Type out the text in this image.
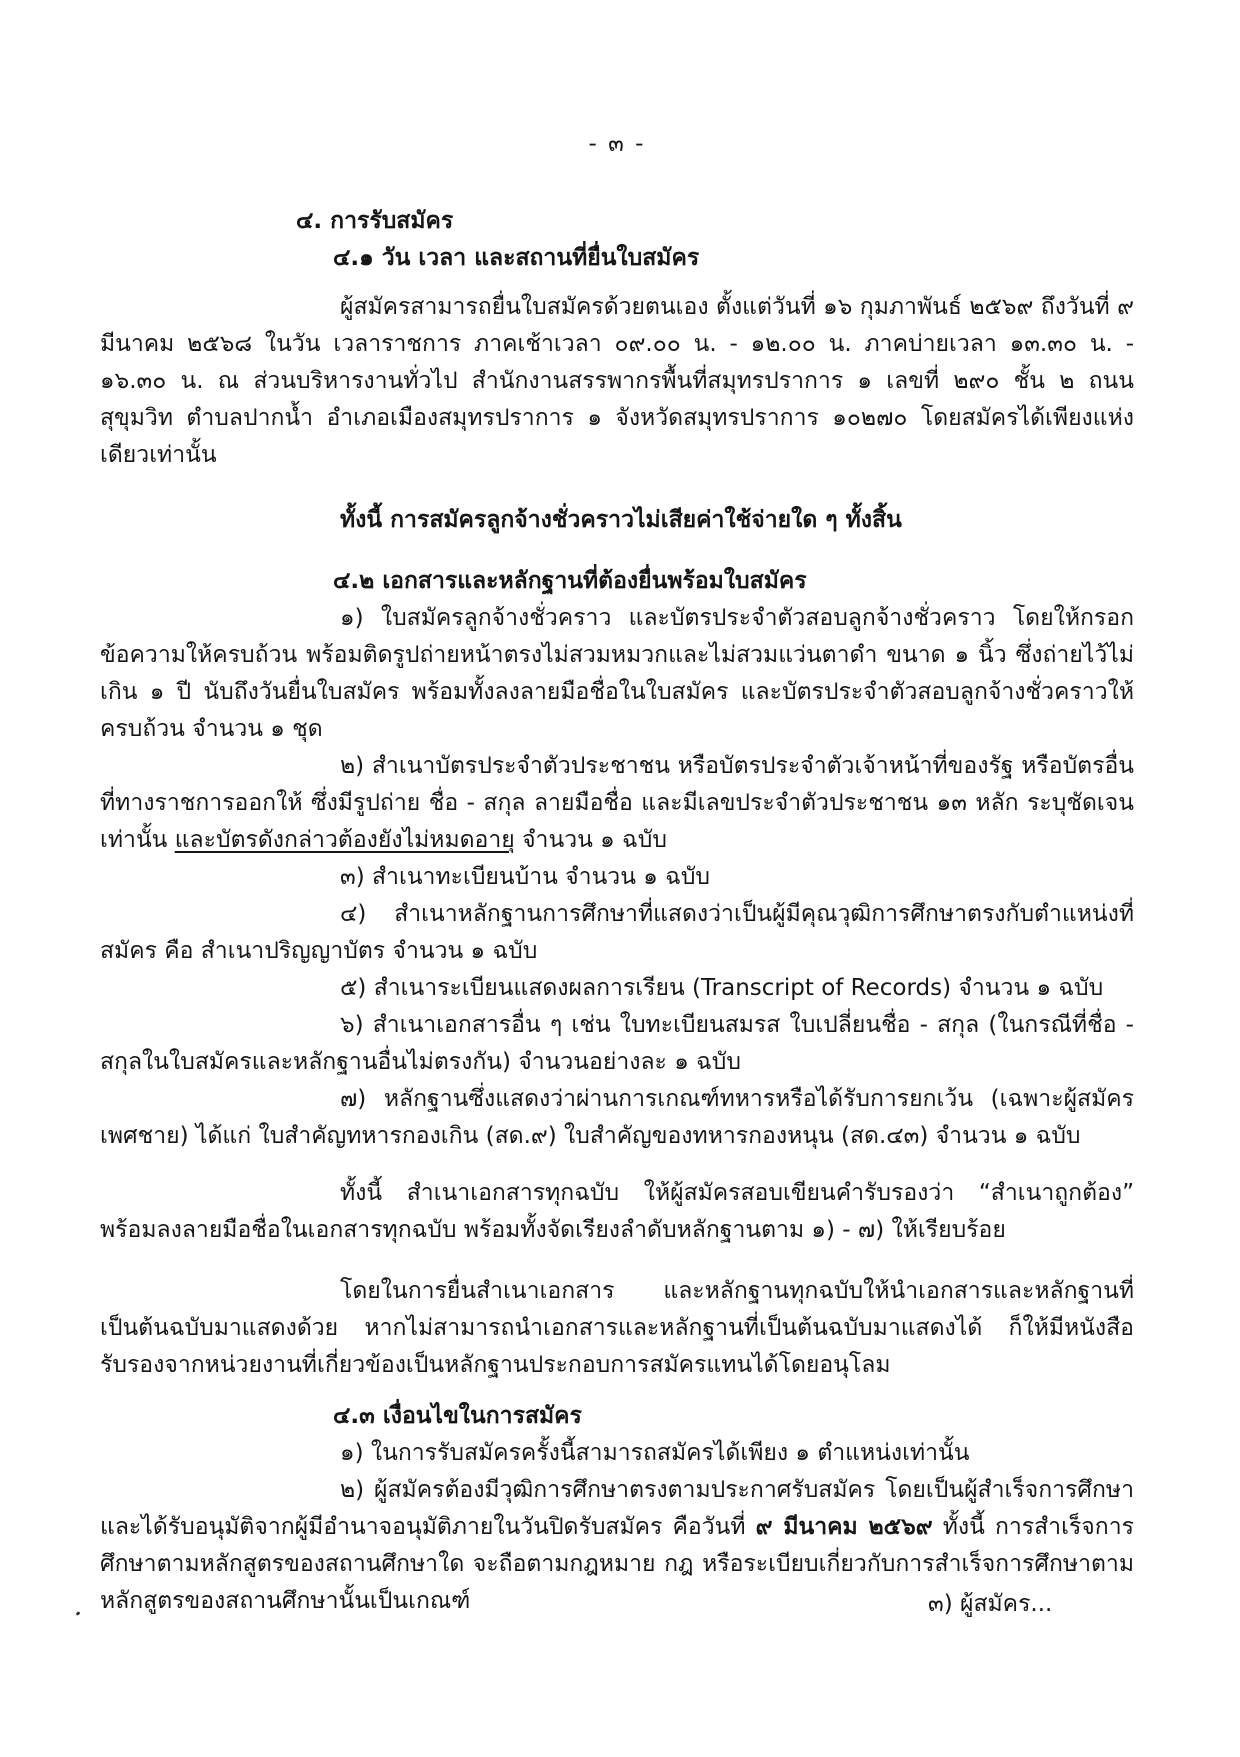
- ๓ -
๔. การรับสมัคร
๔.๑ วัน เวลา และสถานที่ยื่นใบสมัคร

ผู้สมัครสามารถยื่นใบสมัครด้วยตนเอง ตั้งแต่วันที่ ๑๖ กุมภาพันธ์ ๒๕๖๙ ถึงวันที่ ๙ มีนาคม ๒๕๖๘ ในวัน เวลาราชการ ภาคเช้าเวลา ๐๙.๐๐ น. - ๑๒.๐๐ น. ภาคบ่ายเวลา ๑๓.๓๐ น. - ๑๖.๓๐ น. ณ ส่วนบริหารงานทั่วไป สำนักงานสรรพากรพื้นที่สมุทรปราการ ๑ เลขที่ ๒๙๐ ชั้น ๒ ถนนสุขุมวิท ตำบลปากน้ำ อำเภอเมืองสมุทรปราการ ๑ จังหวัดสมุทรปราการ ๑๐๒๗๐ โดยสมัครได้เพียงแห่งเดียวเท่านั้น

ทั้งนี้ การสมัครลูกจ้างชั่วคราวไม่เสียค่าใช้จ่ายใด ๆ ทั้งสิ้น

๔.๒ เอกสารและหลักฐานที่ต้องยื่นพร้อมใบสมัคร

๑) ใบสมัครลูกจ้างชั่วคราว และบัตรประจำตัวสอบลูกจ้างชั่วคราว โดยให้กรอกข้อความให้ครบถ้วน พร้อมติดรูปถ่ายหน้าตรงไม่สวมหมวกและไม่สวมแว่นตาดำ ขนาด ๑ นิ้ว ซึ่งถ่ายไว้ไม่เกิน ๑ ปี นับถึงวันยื่นใบสมัคร พร้อมทั้งลงลายมือชื่อในใบสมัคร และบัตรประจำตัวสอบลูกจ้างชั่วคราวให้ครบถ้วน จำนวน ๑ ชุด

๒) สำเนาบัตรประจำตัวประชาชน หรือบัตรประจำตัวเจ้าหน้าที่ของรัฐ หรือบัตรอื่นที่ทางราชการออกให้ ซึ่งมีรูปถ่าย ชื่อ - สกุล ลายมือชื่อ และมีเลขประจำตัวประชาชน ๑๓ หลัก ระบุชัดเจนเท่านั้น และบัตรดังกล่าวต้องยังไม่หมดอายุ จำนวน ๑ ฉบับ

๓) สำเนาทะเบียนบ้าน จำนวน ๑ ฉบับ

๔) สำเนาหลักฐานการศึกษาที่แสดงว่าเป็นผู้มีคุณวุฒิการศึกษาตรงกับตำแหน่งที่สมัคร คือ สำเนาปริญญาบัตร จำนวน ๑ ฉบับ

๕) สำเนาระเบียนแสดงผลการเรียน (Transcript of Records) จำนวน ๑ ฉบับ

๖) สำเนาเอกสารอื่น ๆ เช่น ใบทะเบียนสมรส ใบเปลี่ยนชื่อ - สกุล (ในกรณีที่ชื่อ - สกุลในใบสมัครและหลักฐานอื่นไม่ตรงกัน) จำนวนอย่างละ ๑ ฉบับ

๗) หลักฐานซึ่งแสดงว่าผ่านการเกณฑ์ทหารหรือได้รับการยกเว้น (เฉพาะผู้สมัครเพศชาย) ได้แก่ ใบสำคัญทหารกองเกิน (สด.๙) ใบสำคัญของทหารกองหนุน (สด.๔๓) จำนวน ๑ ฉบับ

ทั้งนี้ สำเนาเอกสารทุกฉบับ ให้ผู้สมัครสอบเขียนคำรับรองว่า “สำเนาถูกต้อง” พร้อมลงลายมือชื่อในเอกสารทุกฉบับ พร้อมทั้งจัดเรียงลำดับหลักฐานตาม ๑) - ๗) ให้เรียบร้อย

โดยในการยื่นสำเนาเอกสาร และหลักฐานทุกฉบับให้นำเอกสารและหลักฐานที่เป็นต้นฉบับมาแสดงด้วย หากไม่สามารถนำเอกสารและหลักฐานที่เป็นต้นฉบับมาแสดงได้ ก็ให้มีหนังสือรับรองจากหน่วยงานที่เกี่ยวข้องเป็นหลักฐานประกอบการสมัครแทนได้โดยอนุโลม

๔.๓ เงื่อนไขในการสมัคร

๑) ในการรับสมัครครั้งนี้สามารถสมัครได้เพียง ๑ ตำแหน่งเท่านั้น

๒) ผู้สมัครต้องมีวุฒิการศึกษาตรงตามประกาศรับสมัคร โดยเป็นผู้สำเร็จการศึกษาและได้รับอนุมัติจากผู้มีอำนาจอนุมัติภายในวันปิดรับสมัคร คือวันที่ ๙ มีนาคม ๒๕๖๙ ทั้งนี้ การสำเร็จการศึกษาตามหลักสูตรของสถานศึกษาใด จะถือตามกฎหมาย กฎ หรือระเบียบเกี่ยวกับการสำเร็จการศึกษาตามหลักสูตรของสถานศึกษานั้นเป็นเกณฑ์	๓) ผู้สมัคร...
